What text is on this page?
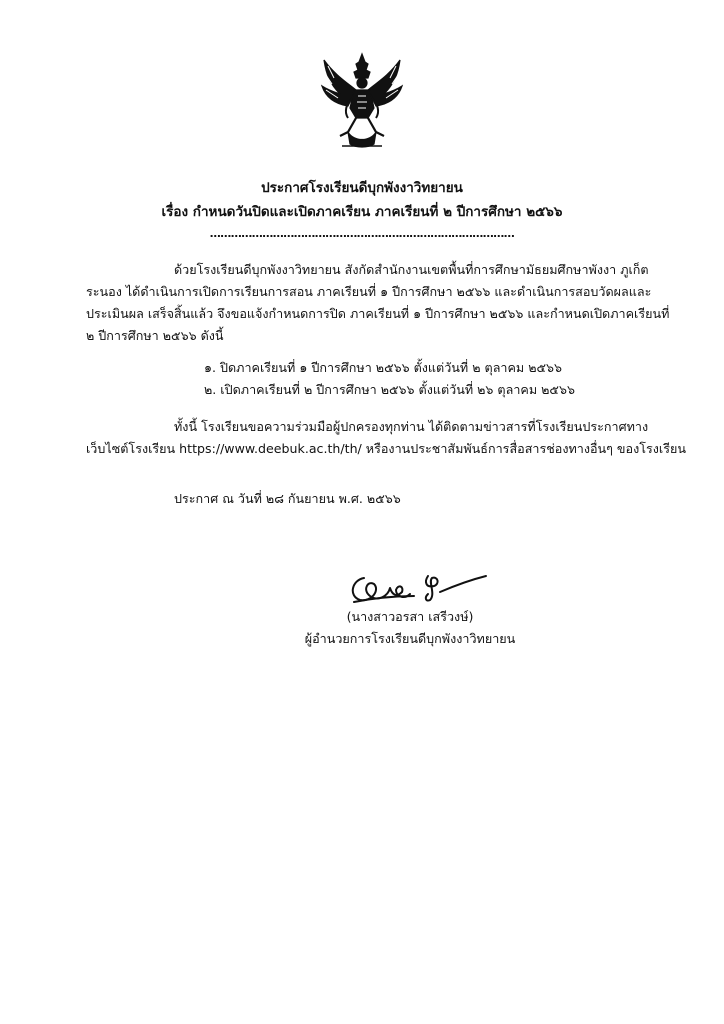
ประกาศโรงเรียนดีบุกพังงาวิทยายน
เรื่อง กำหนดวันปิดและเปิดภาคเรียน ภาคเรียนที่ ๒ ปีการศึกษา ๒๕๖๖
……………………………………………………………………………
ด้วยโรงเรียนดีบุกพังงาวิทยายน สังกัดสำนักงานเขตพื้นที่การศึกษามัธยมศึกษาพังงา ภูเก็ต
ระนอง ได้ดำเนินการเปิดการเรียนการสอน ภาคเรียนที่ ๑ ปีการศึกษา ๒๕๖๖ และดำเนินการสอบวัดผลและ
ประเมินผล เสร็จสิ้นแล้ว จึงขอแจ้งกำหนดการปิด ภาคเรียนที่ ๑ ปีการศึกษา ๒๕๖๖ และกำหนดเปิดภาคเรียนที่
๒ ปีการศึกษา ๒๕๖๖ ดังนี้
๑. ปิดภาคเรียนที่ ๑ ปีการศึกษา ๒๕๖๖ ตั้งแต่วันที่ ๒ ตุลาคม ๒๕๖๖
๒. เปิดภาคเรียนที่ ๒ ปีการศึกษา ๒๕๖๖ ตั้งแต่วันที่ ๒๖ ตุลาคม ๒๕๖๖
ทั้งนี้ โรงเรียนขอความร่วมมือผู้ปกครองทุกท่าน ได้ติดตามข่าวสารที่โรงเรียนประกาศทาง
เว็บไซต์โรงเรียน https://www.deebuk.ac.th/th/ หรืองานประชาสัมพันธ์การสื่อสารช่องทางอื่นๆ ของโรงเรียน
ประกาศ ณ วันที่ ๒๘ กันยายน พ.ศ. ๒๕๖๖
(นางสาวอรสา เสรีวงษ์)
ผู้อำนวยการโรงเรียนดีบุกพังงาวิทยายน
